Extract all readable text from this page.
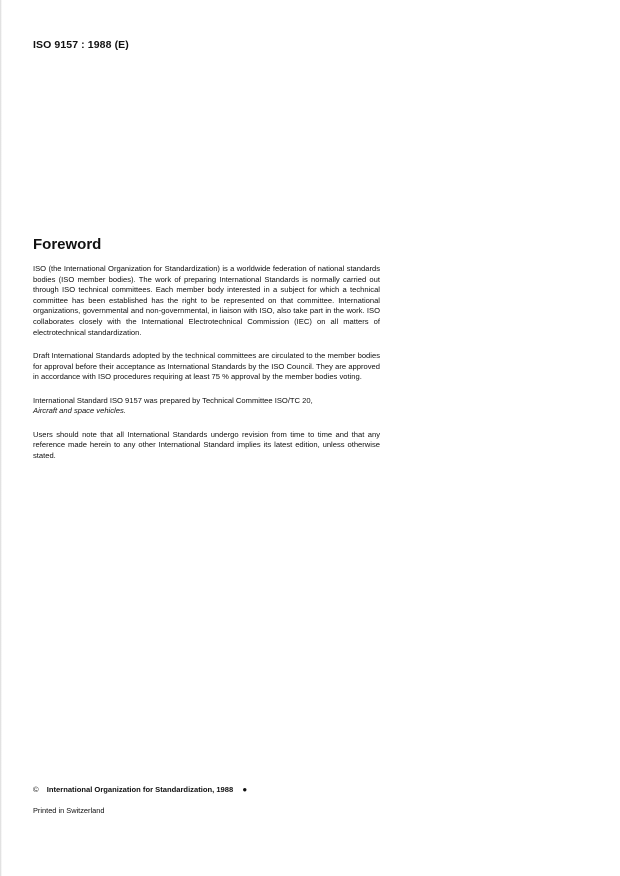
ISO 9157 : 1988 (E)
Foreword

ISO (the International Organization for Standardization) is a worldwide federation of national standards bodies (ISO member bodies). The work of preparing International Standards is normally carried out through ISO technical committees. Each member body interested in a subject for which a technical committee has been established has the right to be represented on that committee. International organizations, governmental and non-governmental, in liaison with ISO, also take part in the work. ISO collaborates closely with the International Electrotechnical Commission (IEC) on all matters of electrotechnical standardization.

Draft International Standards adopted by the technical committees are circulated to the member bodies for approval before their acceptance as International Standards by the ISO Council. They are approved in accordance with ISO procedures requiring at least 75 % approval by the member bodies voting.

International Standard ISO 9157 was prepared by Technical Committee ISO/TC 20,
Aircraft and space vehicles.

Users should note that all International Standards undergo revision from time to time and that any reference made herein to any other International Standard implies its latest edition, unless otherwise stated.

© International Organization for Standardization, 1988 ●
Printed in Switzerland
